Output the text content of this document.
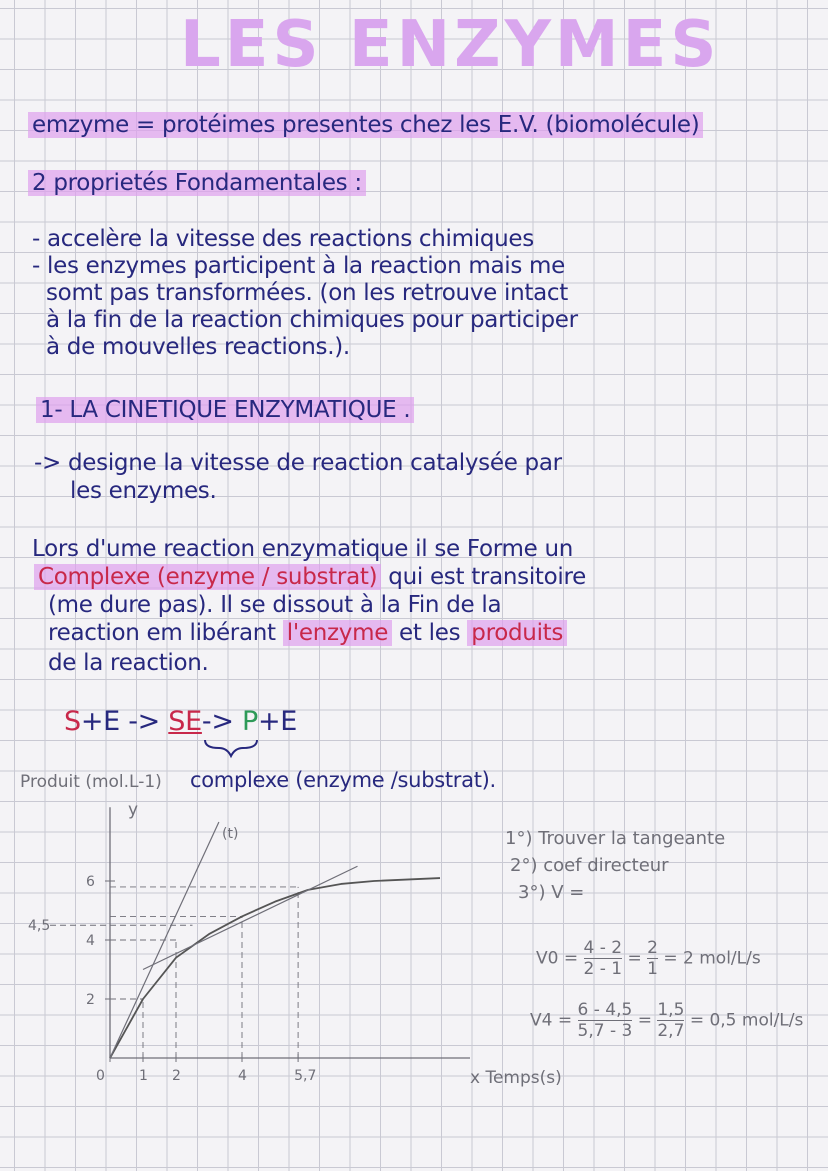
LES ENZYMES
emzyme = protéimes presentes chez les E.V. (biomolécule)
2 proprietés Fondamentales :
- accelère la vitesse des reactions chimiques
- les enzymes participent à la reaction mais me
somt pas transformées. (on les retrouve intact
à la fin de la reaction chimiques pour participer
à de mouvelles reactions.).
1- LA CINETIQUE ENZYMATIQUE .
-> designe la vitesse de reaction catalysée par
les enzymes.
Lors d'ume reaction enzymatique il se Forme un
Complexe (enzyme / substrat) qui est transitoire
(me dure pas). Il se dissout à la Fin de la
reaction em libérant l'enzyme et les produits
de la reaction.
S+E -> SE-> P+E
complexe (enzyme /substrat).
1°) Trouver la tangeante
2°) coef directeur
3°) V =
$V0 = \frac{4 - 2}{2 - 1} = \frac{2}{1} = 2$ mol/L/s
$V4 = \frac{6 - 4,5}{5,7 - 3} = \frac{1,5}{2,7} = 0,5$ mol/L/s
Produit (mol.L-1)
y
x Temps(s)
(t)
4,5
0 1 2	4	5,7
2
4
6
